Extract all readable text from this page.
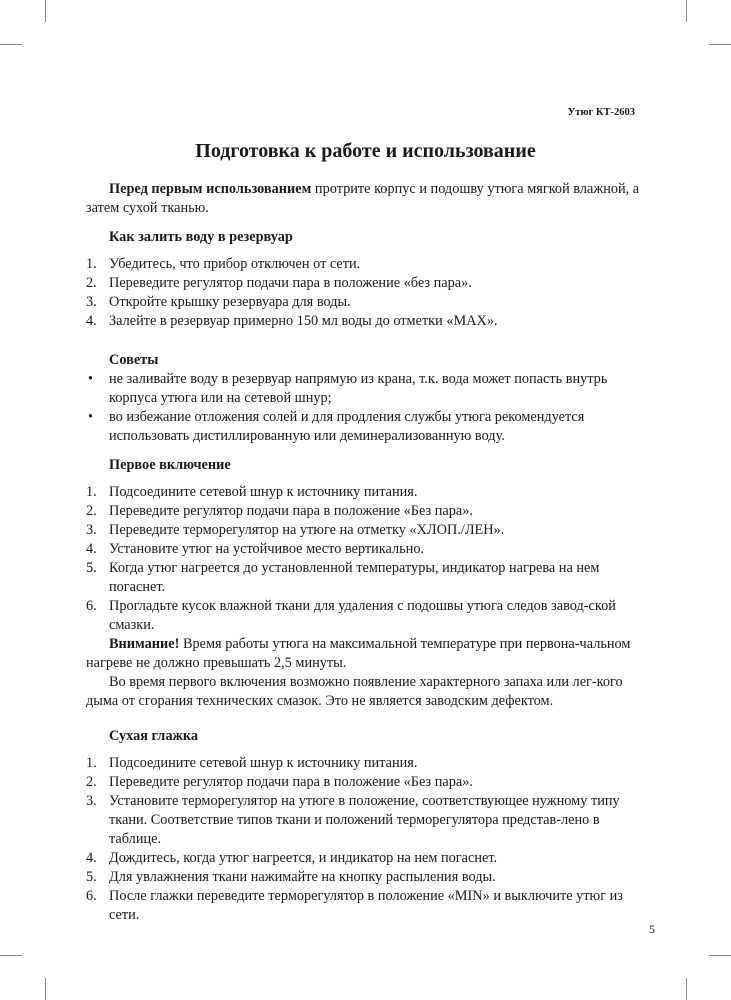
Утюг КТ-2603
Подготовка к работе и использование

Перед первым использованием протрите корпус и подошву утюга мягкой влажной, а затем сухой тканью.

Как залить воду в резервуар
1. Убедитесь, что прибор отключен от сети.
2. Переведите регулятор подачи пара в положение «без пара».
3. Откройте крышку резервуара для воды.
4. Залейте в резервуар примерно 150 мл воды до отметки «MAX».
Советы
• не заливайте воду в резервуар напрямую из крана, т.к. вода может попасть внутрь корпуса утюга или на сетевой шнур;
• во избежание отложения солей и для продления службы утюга рекомендуется использовать дистиллированную или деминерализованную воду.
Первое включение
1. Подсоедините сетевой шнур к источнику питания.
2. Переведите регулятор подачи пара в положение «Без пара».
3. Переведите терморегулятор на утюге на отметку «ХЛОП./ЛЕН».
4. Установите утюг на устойчивое место вертикально.
5. Когда утюг нагреется до установленной температуры, индикатор нагрева на нем погаснет.
6. Прогладьте кусок влажной ткани для удаления с подошвы утюга следов завод-ской смазки.

Внимание! Время работы утюга на максимальной температуре при первона-чальном нагреве не должно превышать 2,5 минуты.

Во время первого включения возможно появление характерного запаха или лег-кого дыма от сгорания технических смазок. Это не является заводским дефектом.

Сухая глажка
1. Подсоедините сетевой шнур к источнику питания.
2. Переведите регулятор подачи пара в положение «Без пара».
3. Установите терморегулятор на утюге в положение, соответствующее нужному типу ткани. Соответствие типов ткани и положений терморегулятора представ-лено в таблице.
4. Дождитесь, когда утюг нагреется, и индикатор на нем погаснет.
5. Для увлажнения ткани нажимайте на кнопку распыления воды.
6. После глажки переведите терморегулятор в положение «MIN» и выключите утюг из сети.
5
